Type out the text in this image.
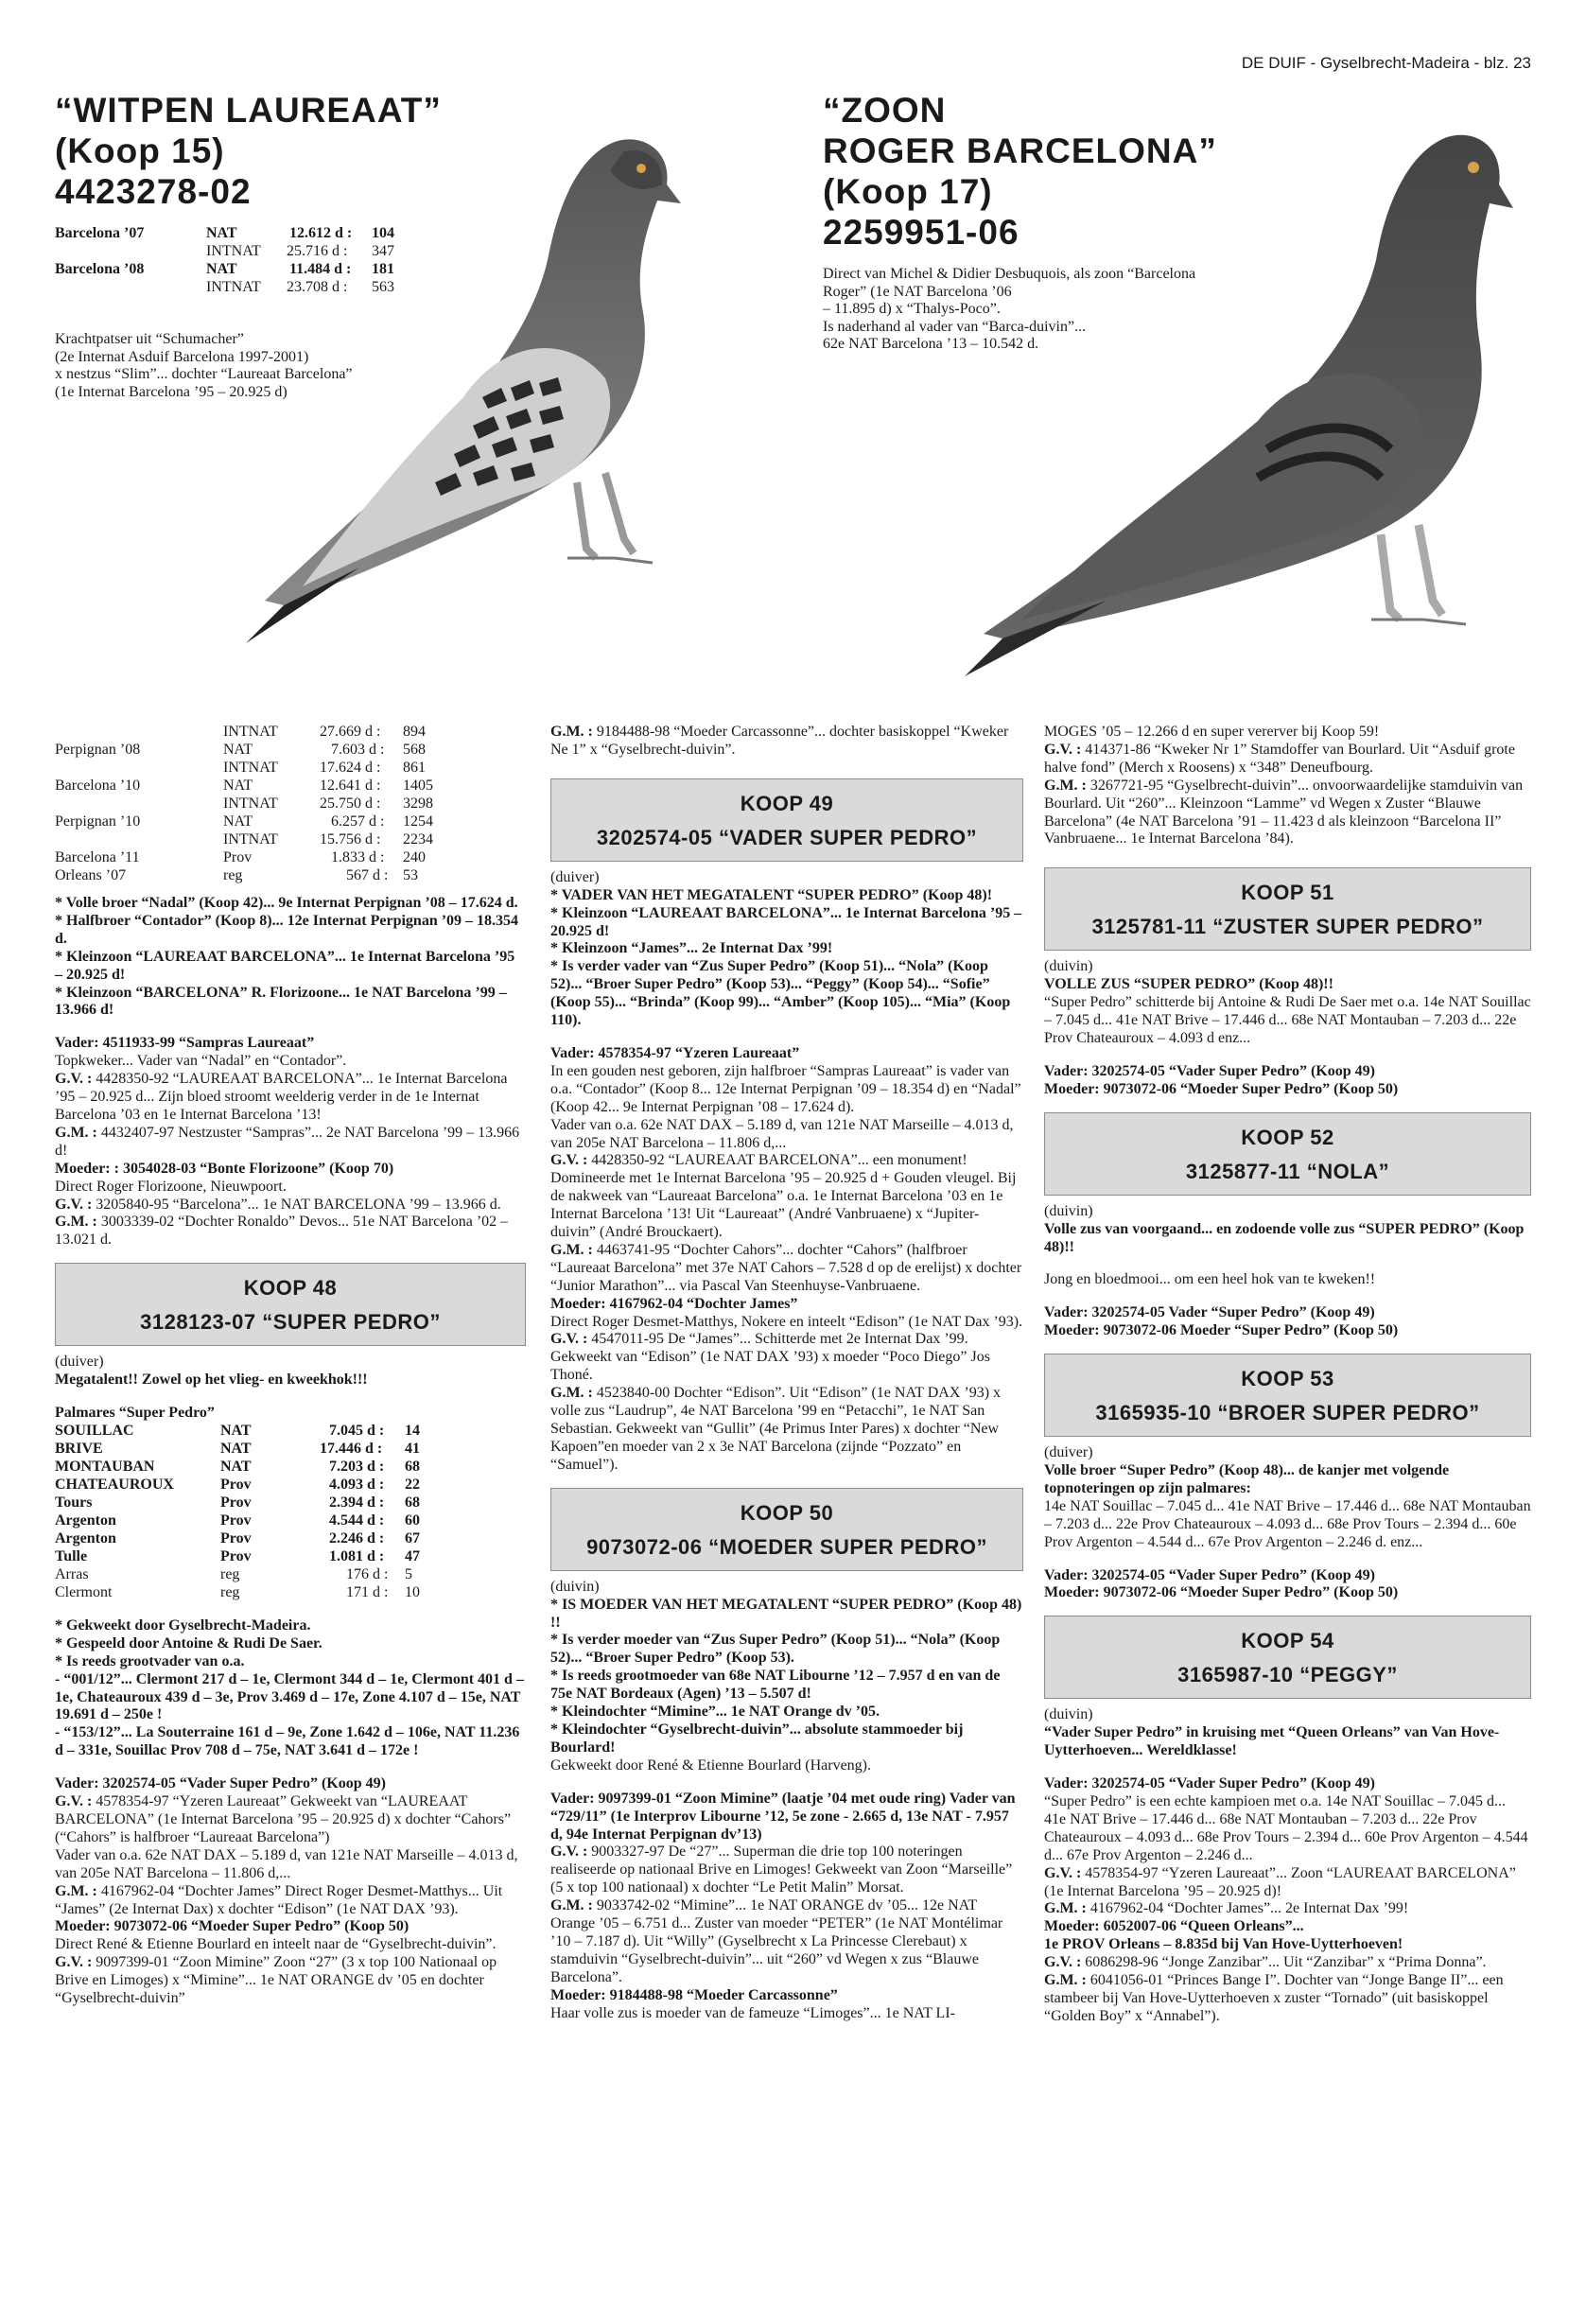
DE DUIF - Gyselbrecht-Madeira - blz. 23
“WITPEN LAUREAAT”
(Koop 15)
4423278-02
Barcelona ’07	NAT	12.612 d : 104
INTNAT 25.716 d : 347
Barcelona ’08	NAT	11.484 d : 181
INTNAT 23.708 d : 563
Krachtpatser uit “Schumacher”
(2e Internat Asduif Barcelona 1997-2001)
x nestzus “Slim”... dochter “Laureaat Barcelona”
(1e Internat Barcelona ’95 – 20.925 d)
“ZOON
ROGER BARCELONA”
(Koop 17)
2259951-06
Direct van Michel & Didier Desbuquois, als zoon “Barcelona
Roger” (1e NAT Barcelona ’06
– 11.895 d) x “Thalys-Poco”.
Is naderhand al vader van “Barca-duivin”...
62e NAT Barcelona ’13 – 10.542 d.
INTNAT	27.669 d : 894
Perpignan ’08	NAT	7.603 d : 568
INTNAT	17.624 d : 861
Barcelona ’10	NAT	12.641 d : 1405
INTNAT	25.750 d : 3298
Perpignan ’10	NAT	6.257 d : 1254
INTNAT	15.756 d : 2234
Barcelona ’11	Prov	1.833 d : 240
Orleans ’07	reg	567 d : 53

* Volle broer “Nadal” (Koop 42)... 9e Internat Perpignan ’08 – 17.624 d.
* Halfbroer “Contador” (Koop 8)... 12e Internat Perpignan ’09 – 18.354 d.
* Kleinzoon “LAUREAAT BARCELONA”... 1e Internat Barcelona ’95 – 20.925 d!
* Kleinzoon “BARCELONA” R. Florizoone... 1e NAT Barcelona ’99 – 13.966 d!

Vader: 4511933-99 “Sampras Laureaat”

Topkweker... Vader van “Nadal” en “Contador”.

G.V. : 4428350-92 “LAUREAAT BARCELONA”... 1e Internat Barcelona ’95 – 20.925 d... Zijn bloed stroomt weelderig verder in de 1e Internat Barcelona ’03 en 1e Internat Barcelona ’13!

G.M. : 4432407-97 Nestzuster “Sampras”... 2e NAT Barcelona ’99 – 13.966 d!

Moeder: : 3054028-03 “Bonte Florizoone” (Koop 70)

Direct Roger Florizoone, Nieuwpoort.

G.V. : 3205840-95 “Barcelona”... 1e NAT BARCELONA ’99 – 13.966 d.

G.M. : 3003339-02 “Dochter Ronaldo” Devos... 51e NAT Barcelona ’02 – 13.021 d.

KOOP 48
3128123-07 “SUPER PEDRO”

(duiver)

Megatalent!! Zowel op het vlieg- en kweekhok!!!

Palmares “Super Pedro”

SOUILLAC	NAT	7.045 d : 14
BRIVE	NAT	17.446 d : 41
MONTAUBAN	NAT	7.203 d : 68
CHATEAUROUX	Prov	4.093 d : 22
Tours	Prov	2.394 d : 68
Argenton	Prov	4.544 d : 60
Argenton	Prov	2.246 d : 67
Tulle	Prov	1.081 d : 47
Arras	reg	176 d : 5
Clermont	reg	171 d : 10

* Gekweekt door Gyselbrecht-Madeira.
* Gespeeld door Antoine & Rudi De Saer.
* Is reeds grootvader van o.a.
- “001/12”... Clermont 217 d – 1e, Clermont 344 d – 1e, Clermont 401 d – 1e, Chateauroux 439 d – 3e, Prov 3.469 d – 17e, Zone 4.107 d – 15e, NAT 19.691 d – 250e !
- “153/12”... La Souterraine 161 d – 9e, Zone 1.642 d – 106e, NAT 11.236 d – 331e, Souillac Prov 708 d – 75e, NAT 3.641 d – 172e !

Vader: 3202574-05 “Vader Super Pedro” (Koop 49)

G.V. : 4578354-97 “Yzeren Laureaat” Gekweekt van “LAUREAAT BARCELONA” (1e Internat Barcelona ’95 – 20.925 d) x dochter “Cahors” (“Cahors” is halfbroer “Laureaat Barcelona”)

Vader van o.a. 62e NAT DAX – 5.189 d, van 121e NAT Marseille – 4.013 d, van 205e NAT Barcelona – 11.806 d,...

G.M. : 4167962-04 “Dochter James” Direct Roger Desmet-Matthys... Uit “James” (2e Internat Dax) x dochter “Edison” (1e NAT DAX ’93).

Moeder: 9073072-06 “Moeder Super Pedro” (Koop 50)

Direct René & Etienne Bourlard en inteelt naar de “Gyselbrecht-duivin”.

G.V. : 9097399-01 “Zoon Mimine” Zoon “27” (3 x top 100 Nationaal op Brive en Limoges) x “Mimine”... 1e NAT ORANGE dv ’05 en dochter “Gyselbrecht-duivin”

G.M. : 9184488-98 “Moeder Carcassonne”... dochter basiskoppel “Kweker Ne 1” x “Gyselbrecht-duivin”.

KOOP 49
3202574-05 “VADER SUPER PEDRO”

(duiver)

* VADER VAN HET MEGATALENT “SUPER PEDRO” (Koop 48)!
* Kleinzoon “LAUREAAT BARCELONA”... 1e Internat Barcelona ’95 – 20.925 d!
* Kleinzoon “James”... 2e Internat Dax ’99!
* Is verder vader van “Zus Super Pedro” (Koop 51)... “Nola” (Koop 52)... “Broer Super Pedro” (Koop 53)... “Peggy” (Koop 54)... “Sofie” (Koop 55)... “Brinda” (Koop 99)... “Amber” (Koop 105)... “Mia” (Koop 110).

Vader: 4578354-97 “Yzeren Laureaat”

In een gouden nest geboren, zijn halfbroer “Sampras Laureaat” is vader van o.a. “Contador” (Koop 8... 12e Internat Perpignan ’09 – 18.354 d) en “Nadal” (Koop 42... 9e Internat Perpignan ’08 – 17.624 d).
Vader van o.a. 62e NAT DAX – 5.189 d, van 121e NAT Marseille – 4.013 d, van 205e NAT Barcelona – 11.806 d,...

G.V. : 4428350-92 “LAUREAAT BARCELONA”... een monument! Domineerde met 1e Internat Barcelona ’95 – 20.925 d + Gouden vleugel. Bij de nakweek van “Laureaat Barcelona” o.a. 1e Internat Barcelona ’03 en 1e Internat Barcelona ’13! Uit “Laureaat” (André Vanbruaene) x “Jupiter-duivin” (André Brouckaert).

G.M. : 4463741-95 “Dochter Cahors”... dochter “Cahors” (halfbroer “Laureaat Barcelona” met 37e NAT Cahors – 7.528 d op de erelijst) x dochter “Junior Marathon”... via Pascal Van Steenhuyse-Vanbruaene.

Moeder: 4167962-04 “Dochter James”

Direct Roger Desmet-Matthys, Nokere en inteelt “Edison” (1e NAT Dax ’93).

G.V. : 4547011-95 De “James”... Schitterde met 2e Internat Dax ’99. Gekweekt van “Edison” (1e NAT DAX ’93) x moeder “Poco Diego” Jos Thoné.

G.M. : 4523840-00 Dochter “Edison”. Uit “Edison” (1e NAT DAX ’93) x volle zus “Laudrup”, 4e NAT Barcelona ’99 en “Petacchi”, 1e NAT San Sebastian. Gekweekt van “Gullit” (4e Primus Inter Pares) x dochter “New Kapoen”en moeder van 2 x 3e NAT Barcelona (zijnde “Pozzato” en “Samuel”).

KOOP 50
9073072-06 “MOEDER SUPER PEDRO”

(duivin)

* IS MOEDER VAN HET MEGATALENT “SUPER PEDRO” (Koop 48) !!
* Is verder moeder van “Zus Super Pedro” (Koop 51)... “Nola” (Koop 52)... “Broer Super Pedro” (Koop 53).
* Is reeds grootmoeder van 68e NAT Libourne ’12 – 7.957 d en van de 75e NAT Bordeaux (Agen) ’13 – 5.507 d!
* Kleindochter “Mimine”... 1e NAT Orange dv ’05.
* Kleindochter “Gyselbrecht-duivin”... absolute stammoeder bij Bourlard!

Gekweekt door René & Etienne Bourlard (Harveng).

Vader: 9097399-01 “Zoon Mimine” (laatje ’04 met oude ring) Vader van “729/11” (1e Interprov Libourne ’12, 5e zone - 2.665 d, 13e NAT - 7.957 d, 94e Internat Perpignan dv’13)

G.V. : 9003327-97 De “27”... Superman die drie top 100 noteringen realiseerde op nationaal Brive en Limoges! Gekweekt van Zoon “Marseille” (5 x top 100 nationaal) x dochter “Le Petit Malin” Morsat.

G.M. : 9033742-02 “Mimine”... 1e NAT ORANGE dv ’05... 12e NAT Orange ’05 – 6.751 d... Zuster van moeder “PETER” (1e NAT Montélimar ’10 – 7.187 d). Uit “Willy” (Gyselbrecht x La Princesse Clerebaut) x stamduivin “Gyselbrecht-duivin”... uit “260” vd Wegen x zus “Blauwe Barcelona”.

Moeder: 9184488-98 “Moeder Carcassonne”

Haar volle zus is moeder van de fameuze “Limoges”... 1e NAT LI-

MOGES ’05 – 12.266 d en super vererver bij Koop 59!

G.V. : 414371-86 “Kweker Nr 1” Stamdoffer van Bourlard. Uit “Asduif grote halve fond” (Merch x Roosens) x “348” Deneufbourg.

G.M. : 3267721-95 “Gyselbrecht-duivin”... onvoorwaardelijke stamduivin van Bourlard. Uit “260”... Kleinzoon “Lamme” vd Wegen x Zuster “Blauwe Barcelona” (4e NAT Barcelona ’91 – 11.423 d als kleinzoon “Barcelona II” Vanbruaene... 1e Internat Barcelona ’84).

KOOP 51
3125781-11 “ZUSTER SUPER PEDRO”

(duivin)

VOLLE ZUS “SUPER PEDRO” (Koop 48)!!

“Super Pedro” schitterde bij Antoine & Rudi De Saer met o.a. 14e NAT Souillac – 7.045 d... 41e NAT Brive – 17.446 d... 68e NAT Montauban – 7.203 d... 22e Prov Chateauroux – 4.093 d enz...

Vader: 3202574-05 “Vader Super Pedro” (Koop 49)

Moeder: 9073072-06 “Moeder Super Pedro” (Koop 50)

KOOP 52
3125877-11 “NOLA”

(duivin)

Volle zus van voorgaand... en zodoende volle zus “SUPER PEDRO” (Koop 48)!!

Jong en bloedmooi... om een heel hok van te kweken!!

Vader: 3202574-05 Vader “Super Pedro” (Koop 49)

Moeder: 9073072-06 Moeder “Super Pedro” (Koop 50)

KOOP 53
3165935-10 “BROER SUPER PEDRO”

(duiver)

Volle broer “Super Pedro” (Koop 48)... de kanjer met volgende topnoteringen op zijn palmares:

14e NAT Souillac – 7.045 d... 41e NAT Brive – 17.446 d... 68e NAT Montauban – 7.203 d... 22e Prov Chateauroux – 4.093 d... 68e Prov Tours – 2.394 d... 60e Prov Argenton – 4.544 d... 67e Prov Argenton – 2.246 d. enz...

Vader: 3202574-05 “Vader Super Pedro” (Koop 49)

Moeder: 9073072-06 “Moeder Super Pedro” (Koop 50)

KOOP 54
3165987-10 “PEGGY”

(duivin)

“Vader Super Pedro” in kruising met “Queen Orleans” van Van Hove-Uytterhoeven... Wereldklasse!

Vader: 3202574-05 “Vader Super Pedro” (Koop 49)

“Super Pedro” is een echte kampioen met o.a. 14e NAT Souillac – 7.045 d... 41e NAT Brive – 17.446 d... 68e NAT Montauban – 7.203 d... 22e Prov Chateauroux – 4.093 d... 68e Prov Tours – 2.394 d... 60e Prov Argenton – 4.544 d... 67e Prov Argenton – 2.246 d...

G.V. : 4578354-97 “Yzeren Laureaat”... Zoon “LAUREAAT BARCELONA” (1e Internat Barcelona ’95 – 20.925 d)!

G.M. : 4167962-04 “Dochter James”... 2e Internat Dax ’99!

Moeder: 6052007-06 “Queen Orleans”...

1e PROV Orleans – 8.835d bij Van Hove-Uytterhoeven!

G.V. : 6086298-96 “Jonge Zanzibar”... Uit “Zanzibar” x “Prima Donna”.

G.M. : 6041056-01 “Princes Bange I”. Dochter van “Jonge Bange II”... een stambeer bij Van Hove-Uytterhoeven x zuster “Tornado” (uit basiskoppel “Golden Boy” x “Annabel”).
